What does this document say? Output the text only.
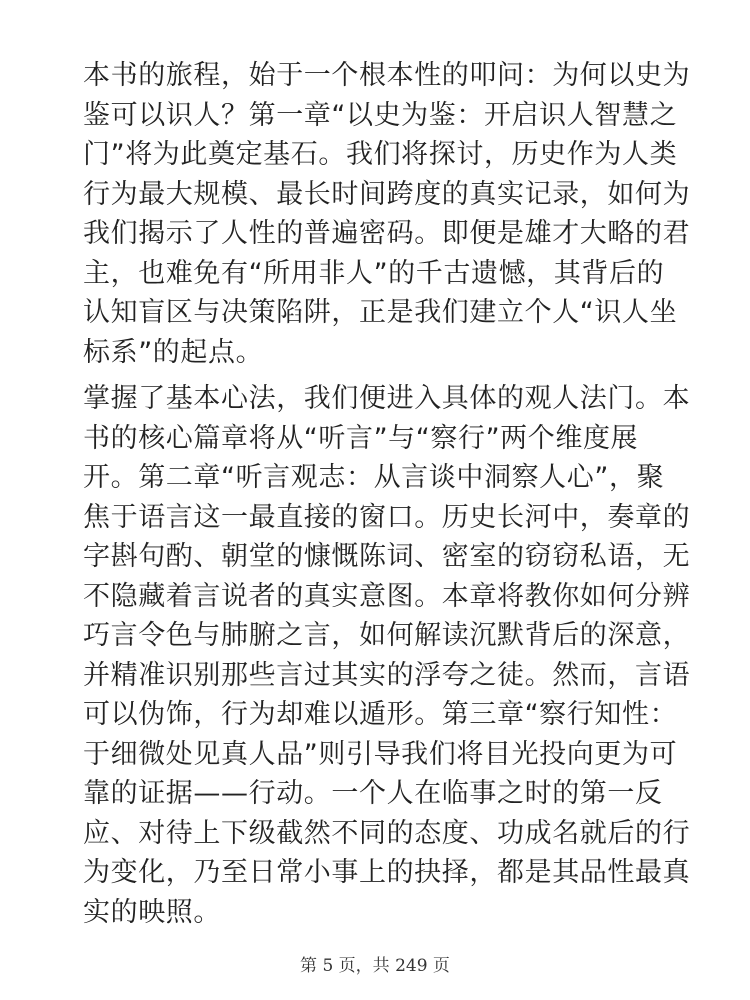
本书的旅程，始于一个根本性的叩问：为何以史为
鉴可以识人？第一章“以史为鉴：开启识人智慧之
门”将为此奠定基石。我们将探讨，历史作为人类
行为最大规模、最长时间跨度的真实记录，如何为
我们揭示了人性的普遍密码。即便是雄才大略的君
主，也难免有“所用非人”的千古遗憾，其背后的
认知盲区与决策陷阱，正是我们建立个人“识人坐
标系”的起点。
掌握了基本心法，我们便进入具体的观人法门。本
书的核心篇章将从“听言”与“察行”两个维度展
开。第二章“听言观志：从言谈中洞察人心”，聚
焦于语言这一最直接的窗口。历史长河中，奏章的
字斟句酌、朝堂的慷慨陈词、密室的窃窃私语，无
不隐藏着言说者的真实意图。本章将教你如何分辨
巧言令色与肺腑之言，如何解读沉默背后的深意，
并精准识别那些言过其实的浮夸之徒。然而，言语
可以伪饰，行为却难以遁形。第三章“察行知性：
于细微处见真人品”则引导我们将目光投向更为可
靠的证据——行动。一个人在临事之时的第一反
应、对待上下级截然不同的态度、功成名就后的行
为变化，乃至日常小事上的抉择，都是其品性最真
实的映照。
第 5 页，共 249 页
